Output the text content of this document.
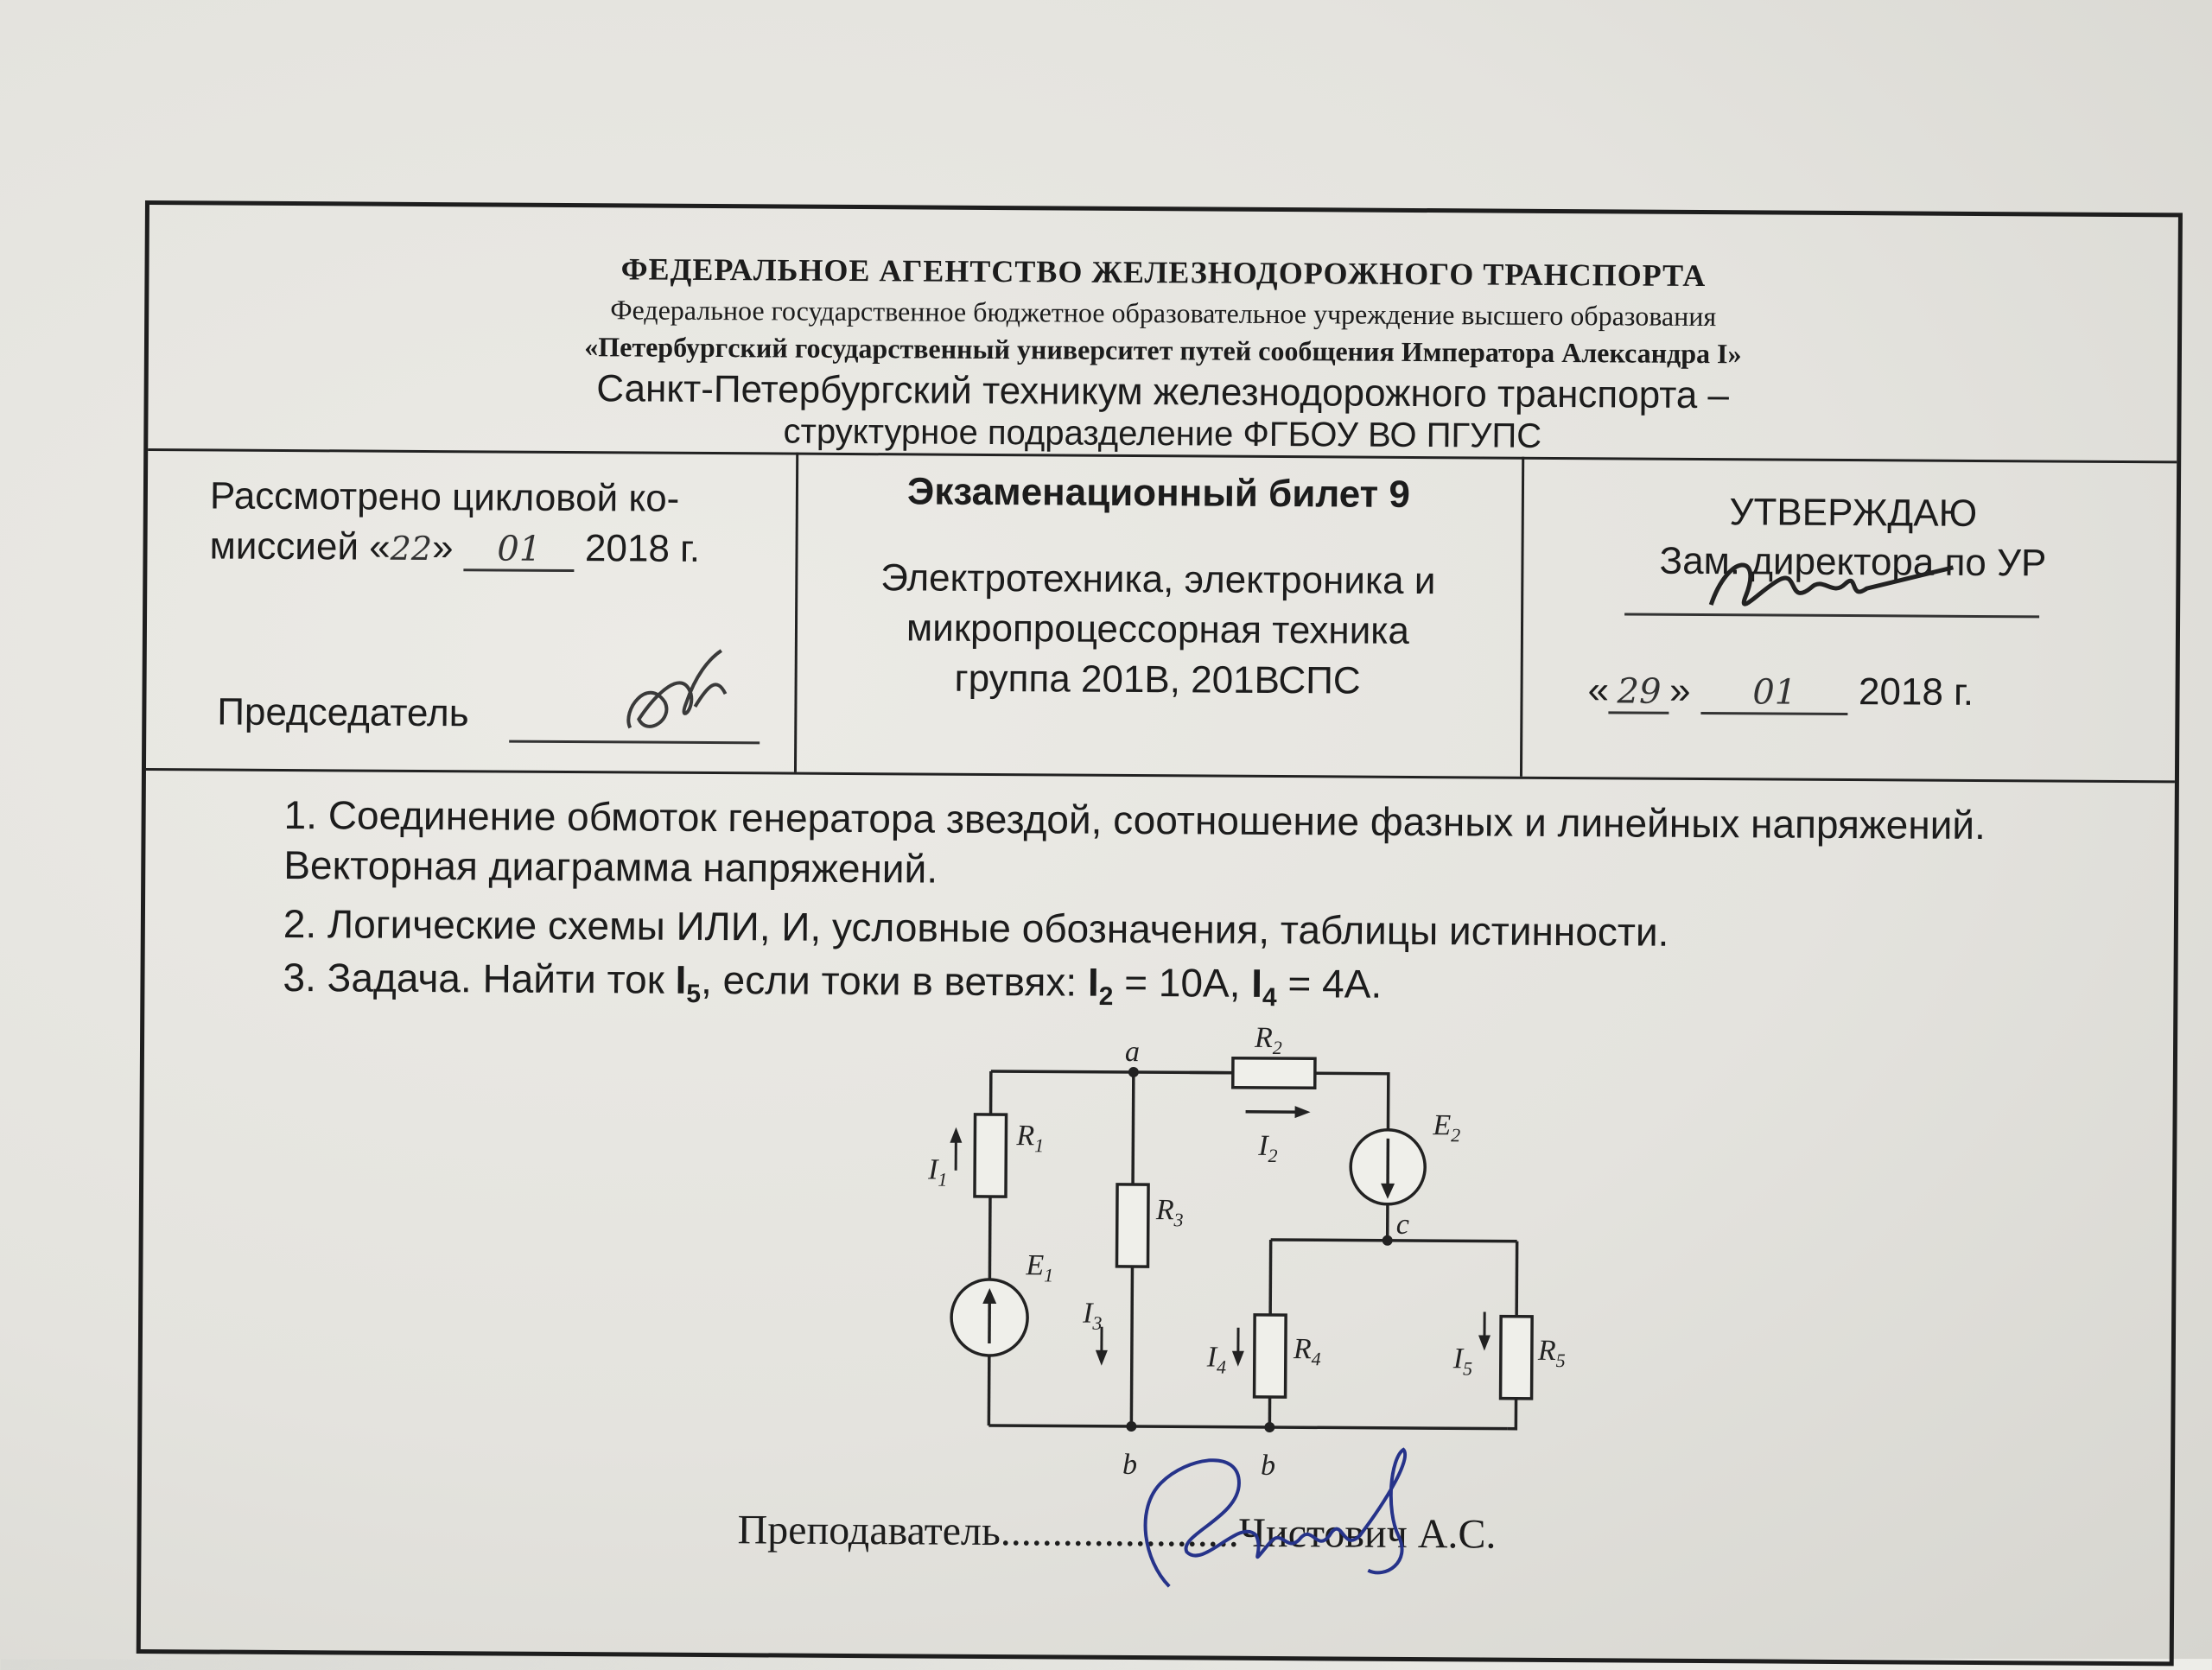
ФЕДЕРАЛЬНОЕ АГЕНТСТВО ЖЕЛЕЗНОДОРОЖНОГО ТРАНСПОРТА
Федеральное государственное бюджетное образовательное учреждение высшего образования
«Петербургский государственный университет путей сообщения Императора Александра I»
Санкт-Петербургский техникум железнодорожного транспорта –
структурное подразделение ФГБОУ ВО ПГУПС
Рассмотрено цикловой ко-
миссией «22» 01 2018 г.
Председатель
Экзаменационный билет 9
Электротехника, электроника и
микропроцессорная техника
группа 201В, 201ВСПС
УТВЕРЖДАЮ
Зам. директора по УР
« 29 » 01 2018 г.
1. Соединение обмоток генератора звездой, соотношение фазных и линейных напряжений.
Векторная диаграмма напряжений.
2. Логические схемы ИЛИ, И, условные обозначения, таблицы истинности.
3. Задача. Найти ток $I_5$, если токи в ветвях: $I_2 = 10А$, $I_4 = 4А$.
a
c
b	b
$R_1$
$R_2$
$R_3$
$R_4$	$R_5$
$E_1$
$E_2$
$I_1$
$I_2$
$I_3$
$I_4$	$I_5$
Преподаватель.......................Чистович А.С.
